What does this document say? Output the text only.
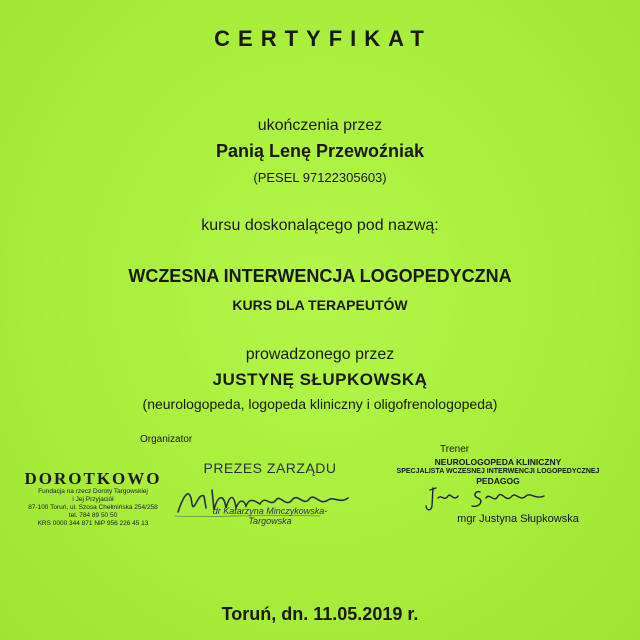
CERTYFIKAT
ukończenia przez
Panią Lenę Przewoźniak
(PESEL 97122305603)
kursu doskonalącego pod nazwą:
WCZESNA INTERWENCJA LOGOPEDYCZNA
KURS DLA TERAPEUTÓW
prowadzonego przez
JUSTYNĘ SŁUPKOWSKĄ
(neurologopeda, logopeda kliniczny i oligofrenologopeda)
Organizator
Trener
DOROTKOWO
Fundacja na rzecz Doroty Targowskiej
i Jej Przyjaciół
87-100 Toruń, ul. Szosa Chełmińska 254/258
tel. 784 89 50 50
KRS 0000 344 871 NIP 956 226 45 13
PREZES ZARZĄDU
dr Katarzyna Minczykowska-Targowska
NEUROLOGOPEDA KLINICZNY
SPECJALISTA WCZESNEJ INTERWENCJI LOGOPEDYCZNEJ
PEDAGOG
mgr Justyna Słupkowska
Toruń, dn. 11.05.2019 r.
